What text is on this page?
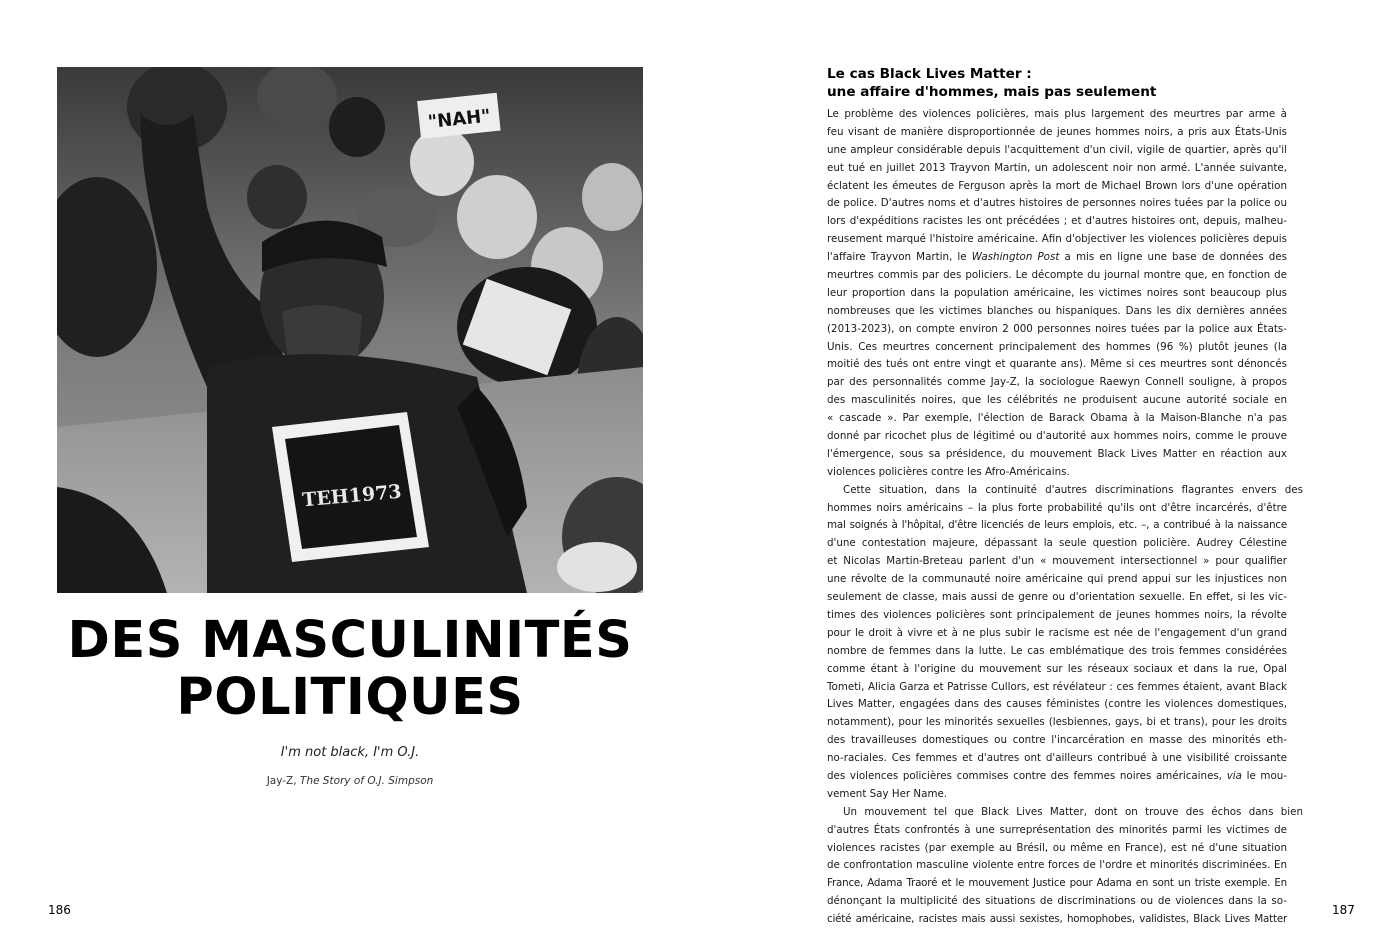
"NAH"
TEH1973
DES MASCULINITÉS
POLITIQUES
I'm not black, I'm O.J.
Jay-Z, The Story of O.J. Simpson
186
Le cas Black Lives Matter :
une affaire d'hommes, mais pas seulement
Le problème des violences policières, mais plus largement des meurtres par arme à
feu visant de manière disproportionnée de jeunes hommes noirs, a pris aux États-Unis
une ampleur considérable depuis l'acquittement d'un civil, vigile de quartier, après qu'il
eut tué en juillet 2013 Trayvon Martin, un adolescent noir non armé. L'année suivante,
éclatent les émeutes de Ferguson après la mort de Michael Brown lors d'une opération
de police. D'autres noms et d'autres histoires de personnes noires tuées par la police ou
lors d'expéditions racistes les ont précédées ; et d'autres histoires ont, depuis, malheu-
reusement marqué l'histoire américaine. Afin d'objectiver les violences policières depuis
l'affaire Trayvon Martin, le Washington Post a mis en ligne une base de données des
meurtres commis par des policiers. Le décompte du journal montre que, en fonction de
leur proportion dans la population américaine, les victimes noires sont beaucoup plus
nombreuses que les victimes blanches ou hispaniques. Dans les dix dernières années
(2013-2023), on compte environ 2 000 personnes noires tuées par la police aux États-
Unis. Ces meurtres concernent principalement des hommes (96 %) plutôt jeunes (la
moitié des tués ont entre vingt et quarante ans). Même si ces meurtres sont dénoncés
par des personnalités comme Jay-Z, la sociologue Raewyn Connell souligne, à propos
des masculinités noires, que les célébrités ne produisent aucune autorité sociale en
« cascade ». Par exemple, l'élection de Barack Obama à la Maison-Blanche n'a pas
donné par ricochet plus de légitimé ou d'autorité aux hommes noirs, comme le prouve
l'émergence, sous sa présidence, du mouvement Black Lives Matter en réaction aux
violences policières contre les Afro-Américains.
Cette situation, dans la continuité d'autres discriminations flagrantes envers des
hommes noirs américains – la plus forte probabilité qu'ils ont d'être incarcérés, d'être
mal soignés à l'hôpital, d'être licenciés de leurs emplois, etc. –, a contribué à la naissance
d'une contestation majeure, dépassant la seule question policière. Audrey Célestine
et Nicolas Martin-Breteau parlent d'un « mouvement intersectionnel » pour qualifier
une révolte de la communauté noire américaine qui prend appui sur les injustices non
seulement de classe, mais aussi de genre ou d'orientation sexuelle. En effet, si les vic-
times des violences policières sont principalement de jeunes hommes noirs, la révolte
pour le droit à vivre et à ne plus subir le racisme est née de l'engagement d'un grand
nombre de femmes dans la lutte. Le cas emblématique des trois femmes considérées
comme étant à l'origine du mouvement sur les réseaux sociaux et dans la rue, Opal
Tometi, Alicia Garza et Patrisse Cullors, est révélateur : ces femmes étaient, avant Black
Lives Matter, engagées dans des causes féministes (contre les violences domestiques,
notamment), pour les minorités sexuelles (lesbiennes, gays, bi et trans), pour les droits
des travailleuses domestiques ou contre l'incarcération en masse des minorités eth-
no-raciales. Ces femmes et d'autres ont d'ailleurs contribué à une visibilité croissante
des violences policières commises contre des femmes noires américaines, via le mou-
vement Say Her Name.
Un mouvement tel que Black Lives Matter, dont on trouve des échos dans bien
d'autres États confrontés à une surreprésentation des minorités parmi les victimes de
violences racistes (par exemple au Brésil, ou même en France), est né d'une situation
de confrontation masculine violente entre forces de l'ordre et minorités discriminées. En
France, Adama Traoré et le mouvement Justice pour Adama en sont un triste exemple. En
dénonçant la multiplicité des situations de discriminations ou de violences dans la so-
ciété américaine, racistes mais aussi sexistes, homophobes, validistes, Black Lives Matter
187
